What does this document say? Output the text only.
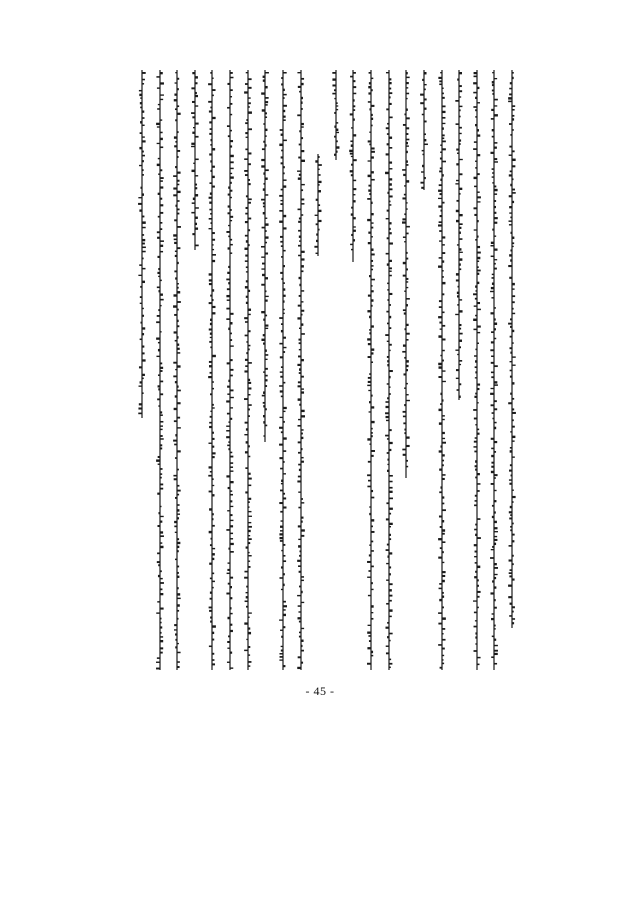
- 45 -
